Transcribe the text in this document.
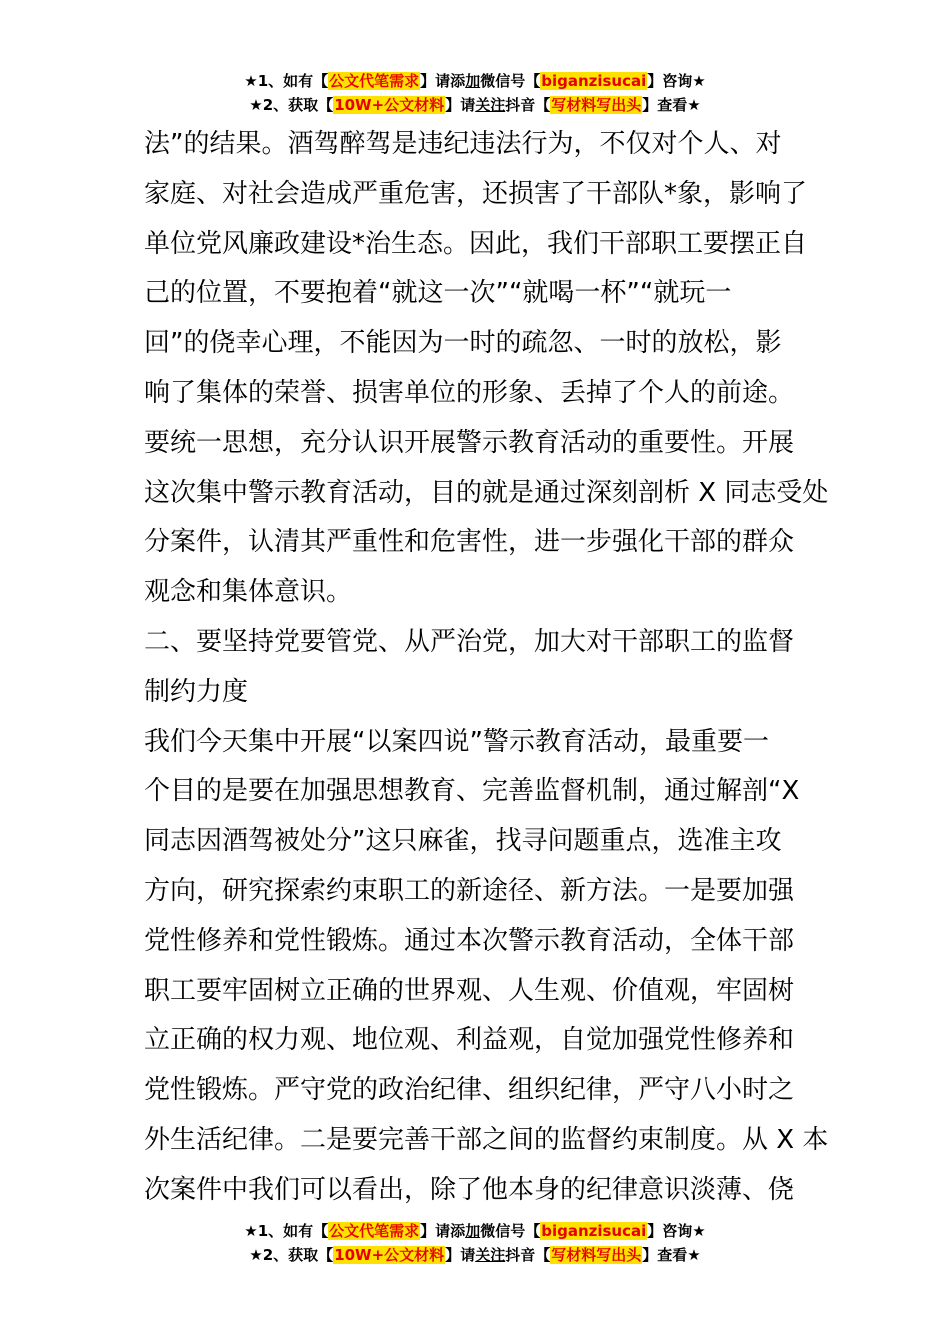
★1、如有【公文代笔需求】请添加微信号【biganzisucai】咨询★
★2、获取【10W+公文材料】请关注抖音【写材料写出头】查看★
法”的结果。酒驾醉驾是违纪违法行为，不仅对个人、对
家庭、对社会造成严重危害，还损害了干部队*象，影响了
单位党风廉政建设*治生态。因此，我们干部职工要摆正自
己的位置，不要抱着“就这一次”“就喝一杯”“就玩一
回”的侥幸心理，不能因为一时的疏忽、一时的放松，影
响了集体的荣誉、损害单位的形象、丢掉了个人的前途。
要统一思想，充分认识开展警示教育活动的重要性。开展
这次集中警示教育活动，目的就是通过深刻剖析 X 同志受处
分案件，认清其严重性和危害性，进一步强化干部的群众
观念和集体意识。
二、要坚持党要管党、从严治党，加大对干部职工的监督
制约力度
我们今天集中开展“以案四说”警示教育活动，最重要一
个目的是要在加强思想教育、完善监督机制，通过解剖“X
同志因酒驾被处分”这只麻雀，找寻问题重点，选准主攻
方向，研究探索约束职工的新途径、新方法。一是要加强
党性修养和党性锻炼。通过本次警示教育活动，全体干部
职工要牢固树立正确的世界观、人生观、价值观，牢固树
立正确的权力观、地位观、利益观，自觉加强党性修养和
党性锻炼。严守党的政治纪律、组织纪律，严守八小时之
外生活纪律。二是要完善干部之间的监督约束制度。从 X 本
次案件中我们可以看出，除了他本身的纪律意识淡薄、侥
★1、如有【公文代笔需求】请添加微信号【biganzisucai】咨询★
★2、获取【10W+公文材料】请关注抖音【写材料写出头】查看★
